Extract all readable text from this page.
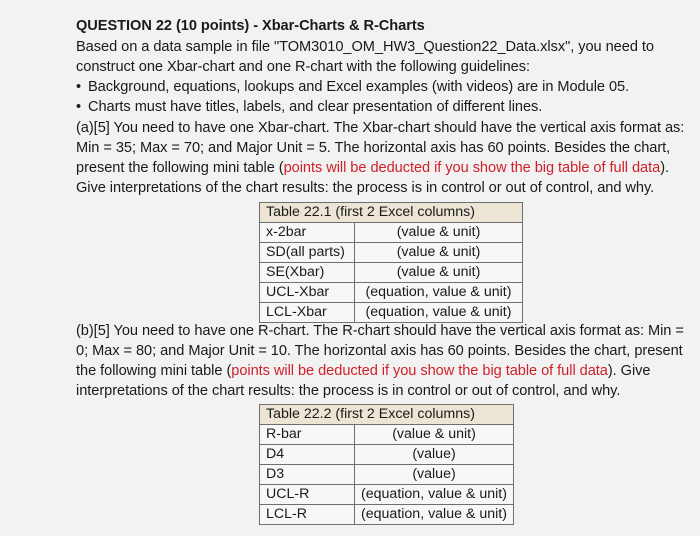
QUESTION 22 (10 points) - Xbar-Charts & R-Charts
Based on a data sample in file "TOM3010_OM_HW3_Question22_Data.xlsx", you need to
construct one Xbar-chart and one R-chart with the following guidelines:
• Background, equations, lookups and Excel examples (with videos) are in Module 05.
• Charts must have titles, labels, and clear presentation of different lines.
(a)[5] You need to have one Xbar-chart. The Xbar-chart should have the vertical axis format as:
Min = 35; Max = 70; and Major Unit = 5. The horizontal axis has 60 points. Besides the chart,
present the following mini table (points will be deducted if you show the big table of full data).
Give interpretations of the chart results: the process is in control or out of control, and why.
Table 22.1 (first 2 Excel columns)	
x-2bar	(value & unit)
SD(all parts)	(value & unit)
SE(Xbar)	(value & unit)
UCL-Xbar	(equation, value & unit)
LCL-Xbar	(equation, value & unit)
(b)[5] You need to have one R-chart. The R-chart should have the vertical axis format as: Min =
0; Max = 80; and Major Unit = 10. The horizontal axis has 60 points. Besides the chart, present
the following mini table (points will be deducted if you show the big table of full data). Give
interpretations of the chart results: the process is in control or out of control, and why.
Table 22.2 (first 2 Excel columns)	
R-bar	(value & unit)
D4	(value)
D3	(value)
UCL-R	(equation, value & unit)
LCL-R	(equation, value & unit)
